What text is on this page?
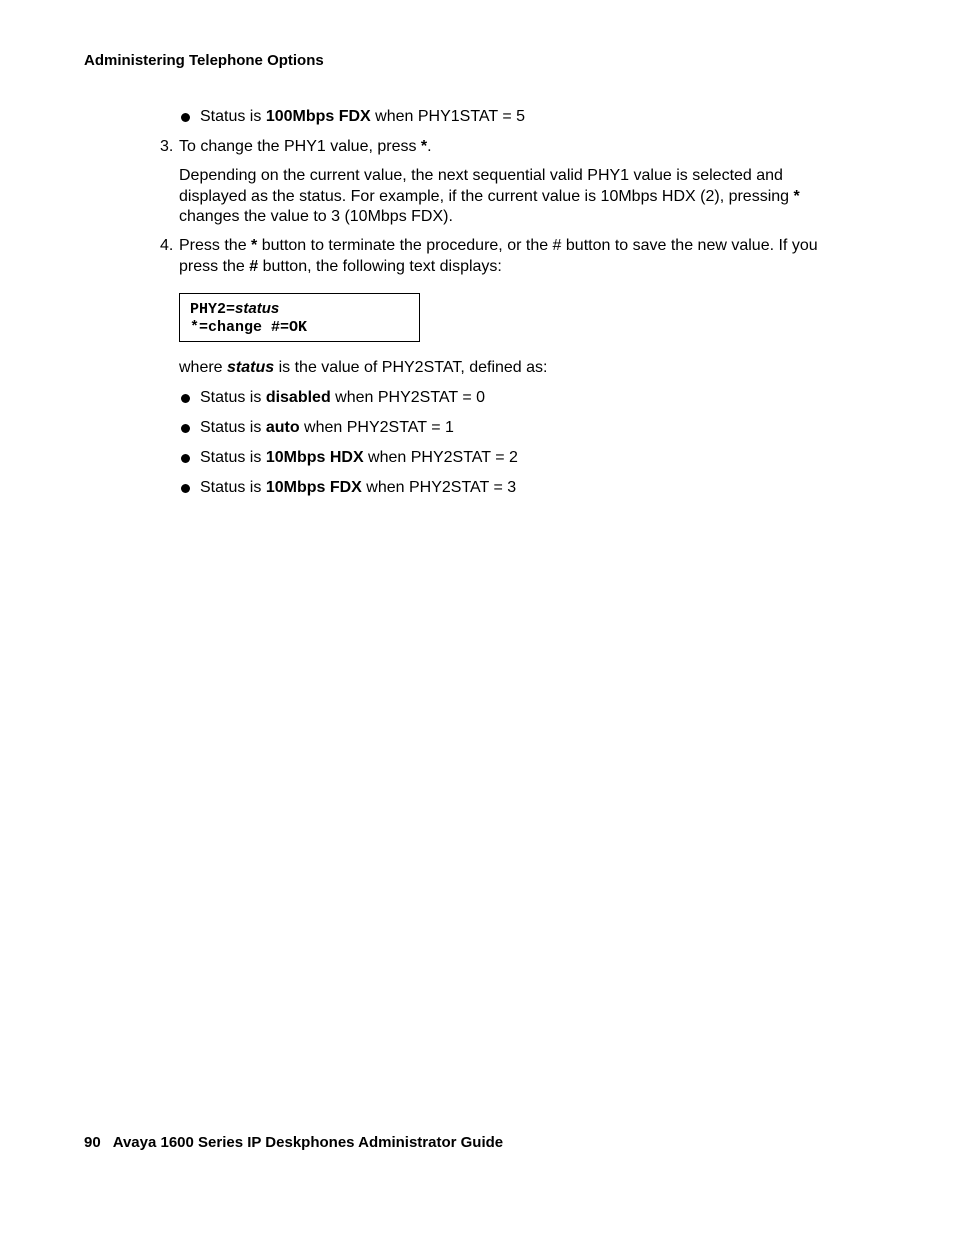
Administering Telephone Options
Status is 100Mbps FDX when PHY1STAT = 5
3. To change the PHY1 value, press *.
Depending on the current value, the next sequential valid PHY1 value is selected and
displayed as the status. For example, if the current value is 10Mbps HDX (2), pressing *
changes the value to 3 (10Mbps FDX).
4. Press the * button to terminate the procedure, or the # button to save the new value. If you
press the # button, the following text displays:
PHY2=status
*=change #=OK
where status is the value of PHY2STAT, defined as:
Status is disabled when PHY2STAT = 0
Status is auto when PHY2STAT = 1
Status is 10Mbps HDX when PHY2STAT = 2
Status is 10Mbps FDX when PHY2STAT = 3
90 Avaya 1600 Series IP Deskphones Administrator Guide
